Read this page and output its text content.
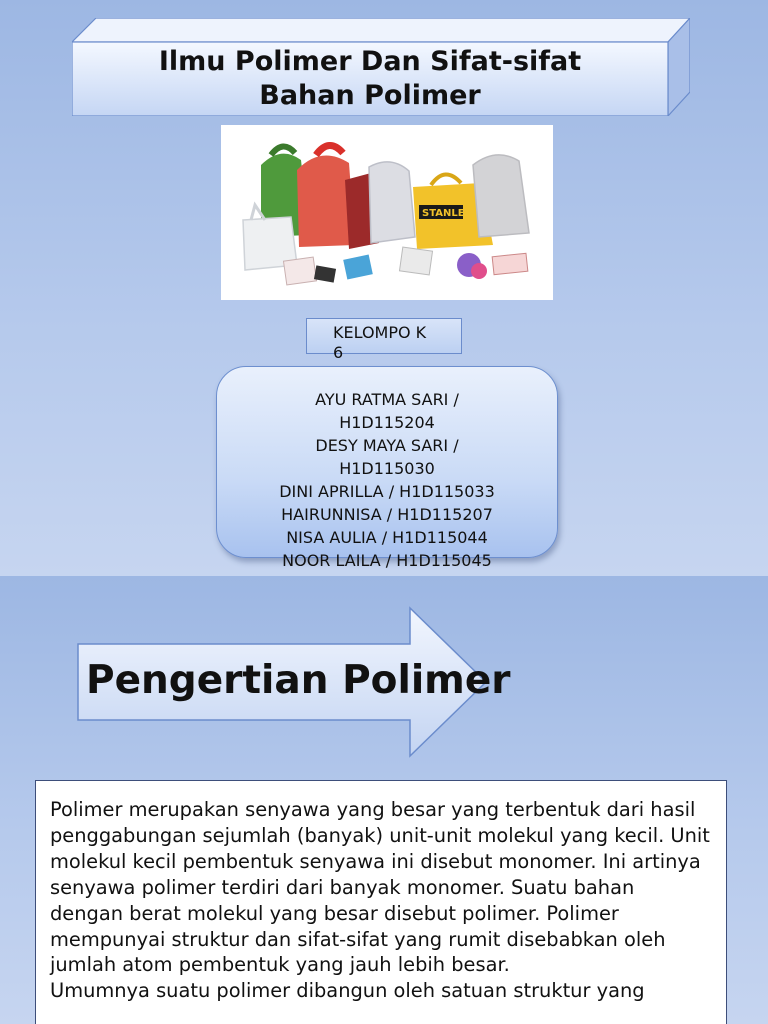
Ilmu Polimer Dan Sifat-sifat
Bahan Polimer
STANLEY
KELOMPO K 6
AYU RATMA SARI /
H1D115204
DESY MAYA SARI /
H1D115030
DINI APRILLA / H1D115033
HAIRUNNISA / H1D115207
NISA AULIA / H1D115044
NOOR LAILA / H1D115045
Pengertian Polimer

Polimer merupakan senyawa yang besar yang terbentuk dari hasil penggabungan sejumlah (banyak) unit-unit molekul yang kecil. Unit molekul kecil pembentuk senyawa ini disebut monomer. Ini artinya senyawa polimer terdiri dari banyak monomer. Suatu bahan dengan berat molekul yang besar disebut polimer. Polimer mempunyai struktur dan sifat-sifat yang rumit disebabkan oleh jumlah atom pembentuk yang jauh lebih besar.

Umumnya suatu polimer dibangun oleh satuan struktur yang
